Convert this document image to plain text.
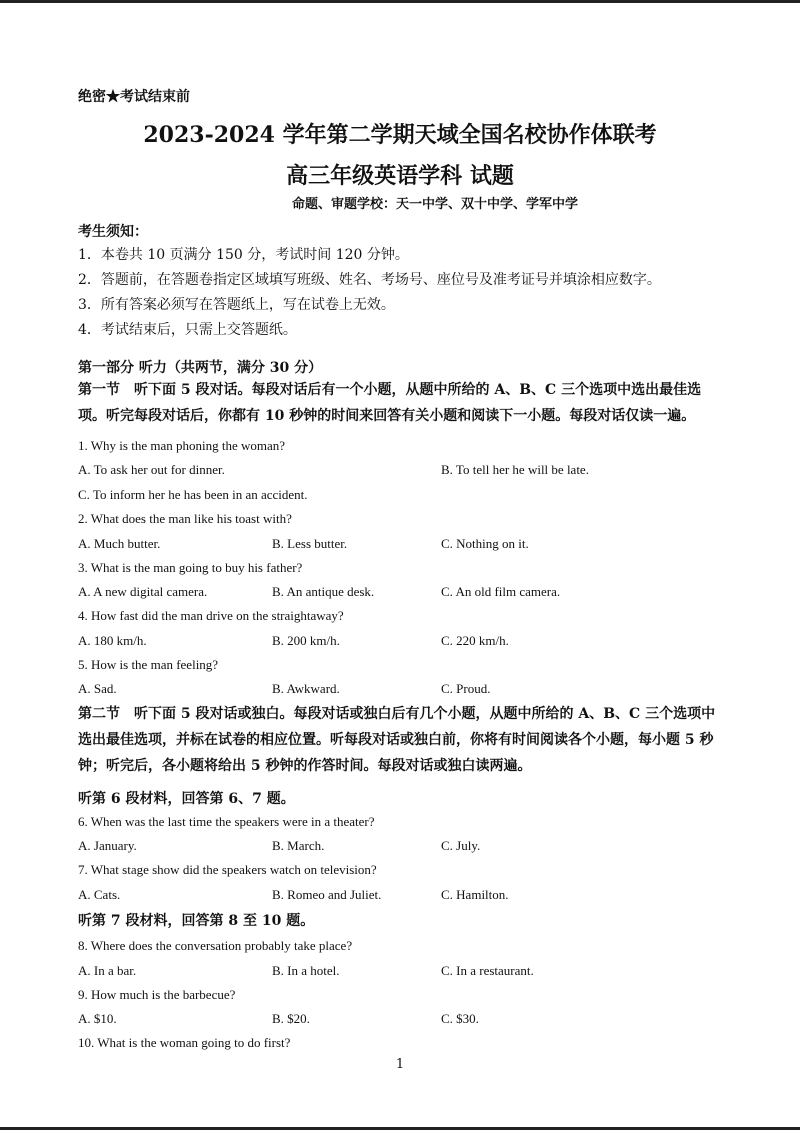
绝密★考试结束前
2023-2024 学年第二学期天域全国名校协作体联考
高三年级英语学科 试题
命题、审题学校：天一中学、双十中学、学军中学
考生须知：
1．本卷共 10 页满分 150 分，考试时间 120 分钟。
2．答题前，在答题卷指定区域填写班级、姓名、考场号、座位号及准考证号并填涂相应数字。
3．所有答案必须写在答题纸上，写在试卷上无效。
4．考试结束后，只需上交答题纸。
第一部分 听力（共两节，满分 30 分）
第一节　听下面 5 段对话。每段对话后有一个小题，从题中所给的 A、B、C 三个选项中选出最佳选项。听完每段对话后，你都有 10 秒钟的时间来回答有关小题和阅读下一小题。每段对话仅读一遍。
1. Why is the man phoning the woman?
A. To ask her out for dinner.	B. To tell her he will be late.
C. To inform her he has been in an accident.
2. What does the man like his toast with?
A. Much butter.	B. Less butter.	C. Nothing on it.
3. What is the man going to buy his father?
A. A new digital camera.	B. An antique desk.	C. An old film camera.
4. How fast did the man drive on the straightaway?
A. 180 km/h.	B. 200 km/h.	C. 220 km/h.
5. How is the man feeling?
A. Sad.	B. Awkward.	C. Proud.
第二节　听下面 5 段对话或独白。每段对话或独白后有几个小题，从题中所给的 A、B、C 三个选项中选出最佳选项，并标在试卷的相应位置。听每段对话或独白前，你将有时间阅读各个小题，每小题 5 秒钟；听完后，各小题将给出 5 秒钟的作答时间。每段对话或独白读两遍。
听第 6 段材料，回答第 6、7 题。
6. When was the last time the speakers were in a theater?
A. January.	B. March.	C. July.
7. What stage show did the speakers watch on television?
A. Cats.	B. Romeo and Juliet.	C. Hamilton.
听第 7 段材料，回答第 8 至 10 题。
8. Where does the conversation probably take place?
A. In a bar.	B. In a hotel.	C. In a restaurant.
9. How much is the barbecue?
A. $10.	B. $20.	C. $30.
10. What is the woman going to do first?
1
